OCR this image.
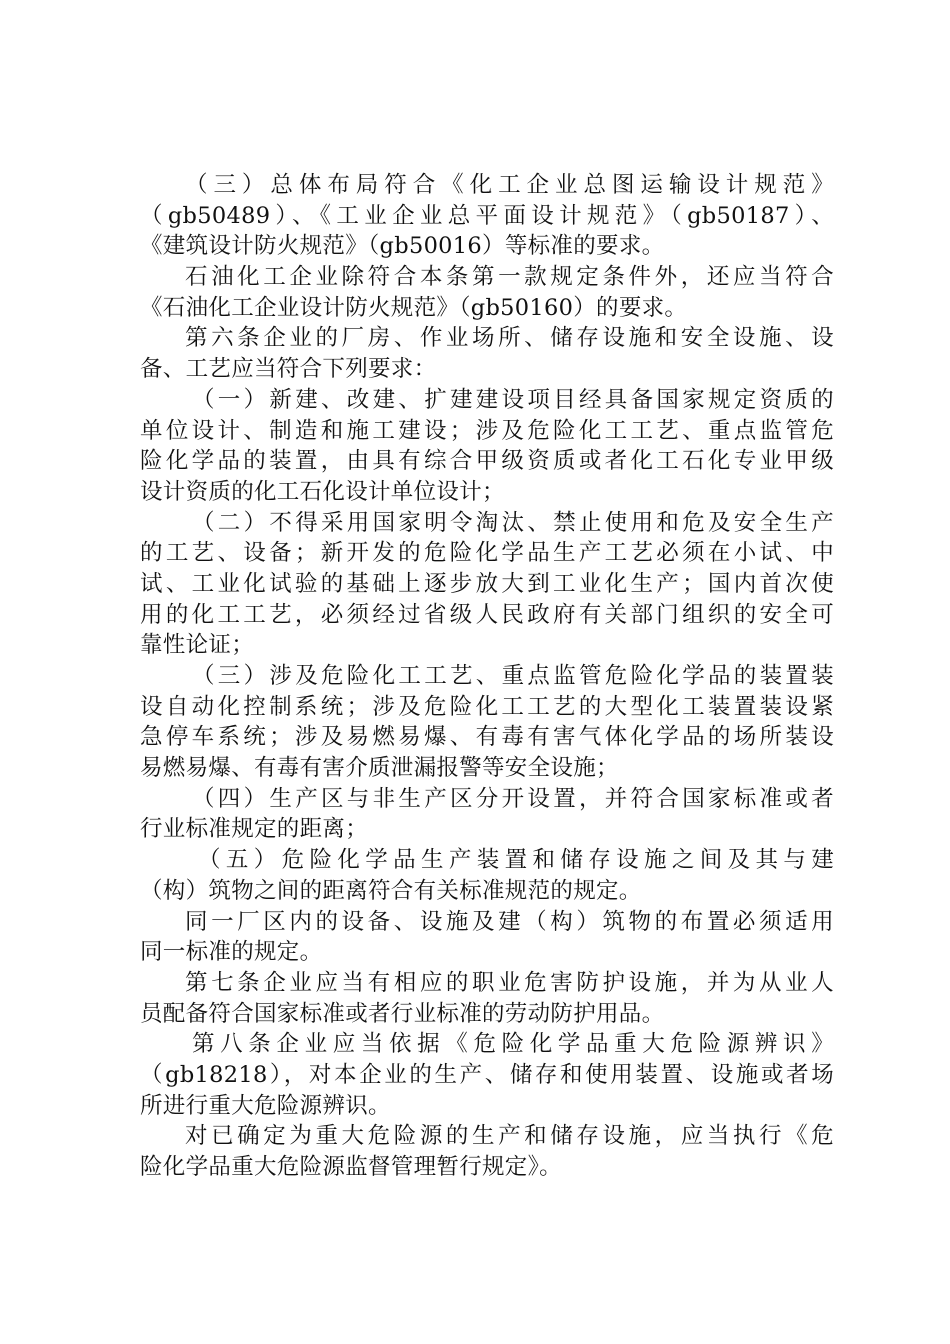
（三）总体布局符合《化工企业总图运输设计规范》
（gb50489）、《工业企业总平面设计规范》（gb50187）、
《建筑设计防火规范》（gb50016）等标准的要求。
石油化工企业除符合本条第一款规定条件外，还应当符合
《石油化工企业设计防火规范》（gb50160）的要求。
第六条企业的厂房、作业场所、储存设施和安全设施、设
备、工艺应当符合下列要求：
（一）新建、改建、扩建建设项目经具备国家规定资质的
单位设计、制造和施工建设；涉及危险化工工艺、重点监管危
险化学品的装置，由具有综合甲级资质或者化工石化专业甲级
设计资质的化工石化设计单位设计；
（二）不得采用国家明令淘汰、禁止使用和危及安全生产
的工艺、设备；新开发的危险化学品生产工艺必须在小试、中
试、工业化试验的基础上逐步放大到工业化生产；国内首次使
用的化工工艺，必须经过省级人民政府有关部门组织的安全可
靠性论证；
（三）涉及危险化工工艺、重点监管危险化学品的装置装
设自动化控制系统；涉及危险化工工艺的大型化工装置装设紧
急停车系统；涉及易燃易爆、有毒有害气体化学品的场所装设
易燃易爆、有毒有害介质泄漏报警等安全设施；
（四）生产区与非生产区分开设置，并符合国家标准或者
行业标准规定的距离；
（五）危险化学品生产装置和储存设施之间及其与建
（构）筑物之间的距离符合有关标准规范的规定。
同一厂区内的设备、设施及建（构）筑物的布置必须适用
同一标准的规定。
第七条企业应当有相应的职业危害防护设施，并为从业人
员配备符合国家标准或者行业标准的劳动防护用品。
第八条企业应当依据《危险化学品重大危险源辨识》
（gb18218），对本企业的生产、储存和使用装置、设施或者场
所进行重大危险源辨识。
对已确定为重大危险源的生产和储存设施，应当执行《危
险化学品重大危险源监督管理暂行规定》。
